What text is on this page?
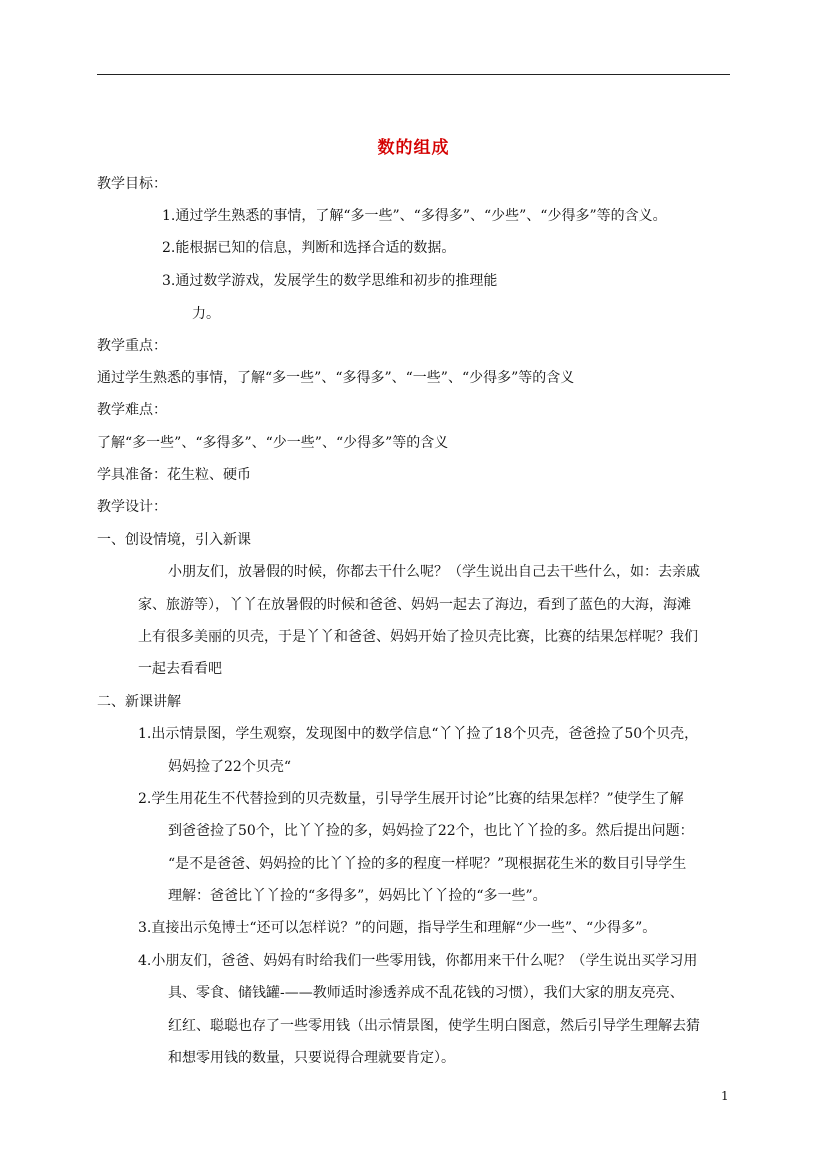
数的组成
教学目标：
1.通过学生熟悉的事情，了解“多一些”、“多得多”、“少些”、“少得多”等的含义。
2.能根据已知的信息，判断和选择合适的数据。
3.通过数学游戏，发展学生的数学思维和初步的推理能
力。
教学重点：
通过学生熟悉的事情，了解“多一些”、“多得多”、“一些”、“少得多”等的含义
教学难点：
了解“多一些”、“多得多”、“少一些”、“少得多”等的含义
学具准备：花生粒、硬币
教学设计：
一、创设情境，引入新课
小朋友们，放暑假的时候，你都去干什么呢？（学生说出自己去干些什么，如：去亲戚
家、旅游等），丫丫在放暑假的时候和爸爸、妈妈一起去了海边，看到了蓝色的大海，海滩
上有很多美丽的贝壳，于是丫丫和爸爸、妈妈开始了捡贝壳比赛，比赛的结果怎样呢？我们
一起去看看吧
二、新课讲解
1.出示情景图，学生观察，发现图中的数学信息“丫丫捡了18个贝壳，爸爸捡了50个贝壳，
妈妈捡了22个贝壳“
2.学生用花生不代替捡到的贝壳数量，引导学生展开讨论”比赛的结果怎样？”使学生了解
到爸爸捡了50个，比丫丫捡的多，妈妈捡了22个，也比丫丫捡的多。然后提出问题：
“是不是爸爸、妈妈捡的比丫丫捡的多的程度一样呢？”现根据花生米的数目引导学生
理解：爸爸比丫丫捡的“多得多”，妈妈比丫丫捡的“多一些”。
3.直接出示兔博士“还可以怎样说？”的问题，指导学生和理解“少一些”、“少得多”。
4.小朋友们，爸爸、妈妈有时给我们一些零用钱，你都用来干什么呢？（学生说出买学习用
具、零食、储钱罐-——教师适时渗透养成不乱花钱的习惯），我们大家的朋友亮亮、
红红、聪聪也存了一些零用钱（出示情景图，使学生明白图意，然后引导学生理解去猜
和想零用钱的数量，只要说得合理就要肯定）。
1
